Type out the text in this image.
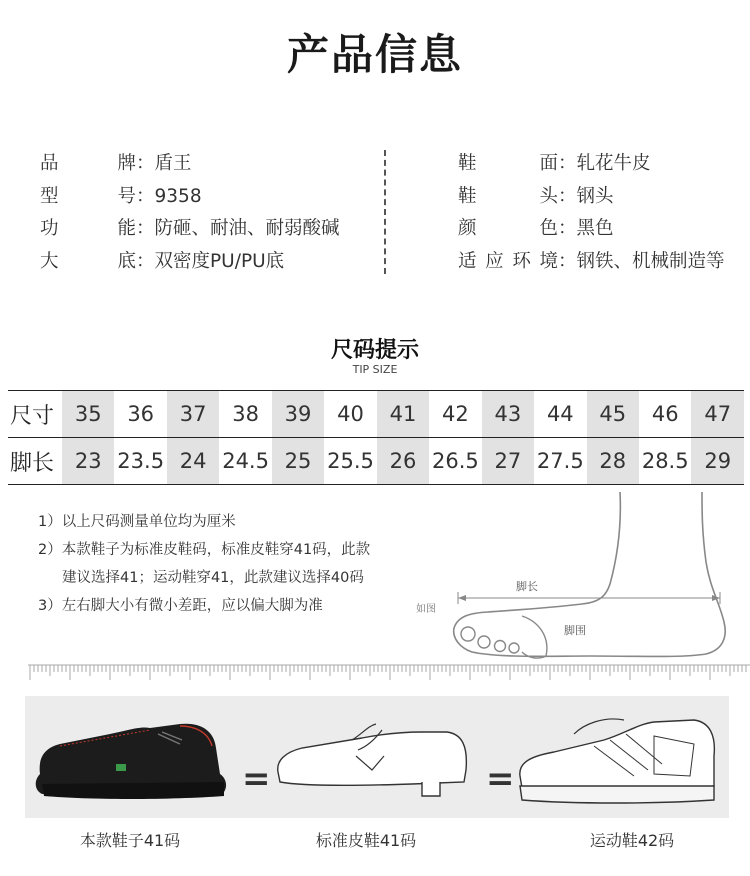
产品信息
品牌：盾王
型号：9358
功能：防砸、耐油、耐弱酸碱
大底：双密度PU/PU底
鞋面：轧花牛皮
鞋头：钢头
颜色：黑色
适应环境：钢铁、机械制造等
尺码提示
TIP SIZE
尺寸	35	36	37	38	39	40	41	42	43	44	45	46	47
脚长	23	23.5	24	24.5	25	25.5	26	26.5	27	27.5	28	28.5	29
1）以上尺码测量单位均为厘米
2）本款鞋子为标准皮鞋码，标准皮鞋穿41码，此款
建议选择41；运动鞋穿41，此款建议选择40码
3）左右脚大小有微小差距，应以偏大脚为准
脚长
脚围
如图
=	=
本款鞋子41码	标准皮鞋41码	运动鞋42码
